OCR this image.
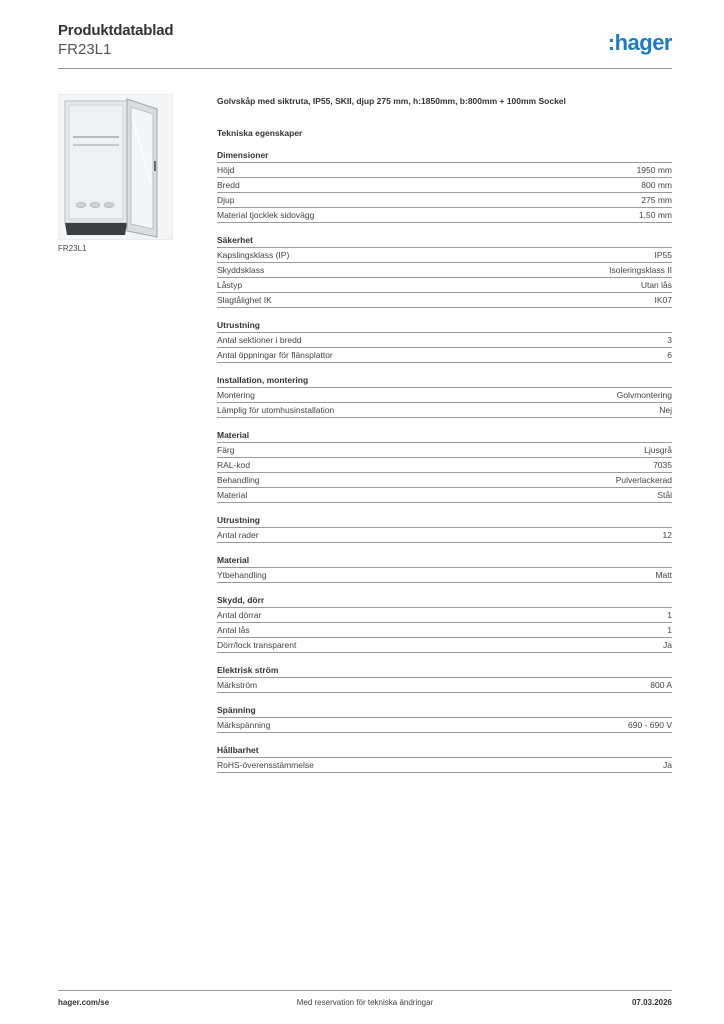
Produktdatablad
FR23L1	:hager
FR23L1
Golvskåp med siktruta, IP55, SKII, djup 275 mm, h:1850mm, b:800mm + 100mm Sockel
Tekniska egenskaper
Dimensioner
Höjd	1950 mm
Bredd	800 mm
Djup	275 mm
Material tjocklek sidovägg	1,50 mm
Säkerhet
Kapslingsklass (IP)	IP55
Skyddsklass	Isoleringsklass II
Låstyp	Utan lås
Slagtålighet IK	IK07
Utrustning
Antal sektioner i bredd	3
Antal öppningar för flänsplattor	6
Installation, montering
Montering	Golvmontering
Lämplig för utomhusinstallation	Nej
Material
Färg	Ljusgrå
RAL-kod	7035
Behandling	Pulverlackerad
Material	Stål
Utrustning
Antal rader	12
Material
Ytbehandling	Matt
Skydd, dörr
Antal dörrar	1
Antal lås	1
Dörr/lock transparent	Ja
Elektrisk ström
Märkström	800 A
Spänning
Märkspänning	690 - 690 V
Hållbarhet
RoHS-överensstämmelse	Ja
hager.com/se	Med reservation för tekniska ändringar	07.03.2026
